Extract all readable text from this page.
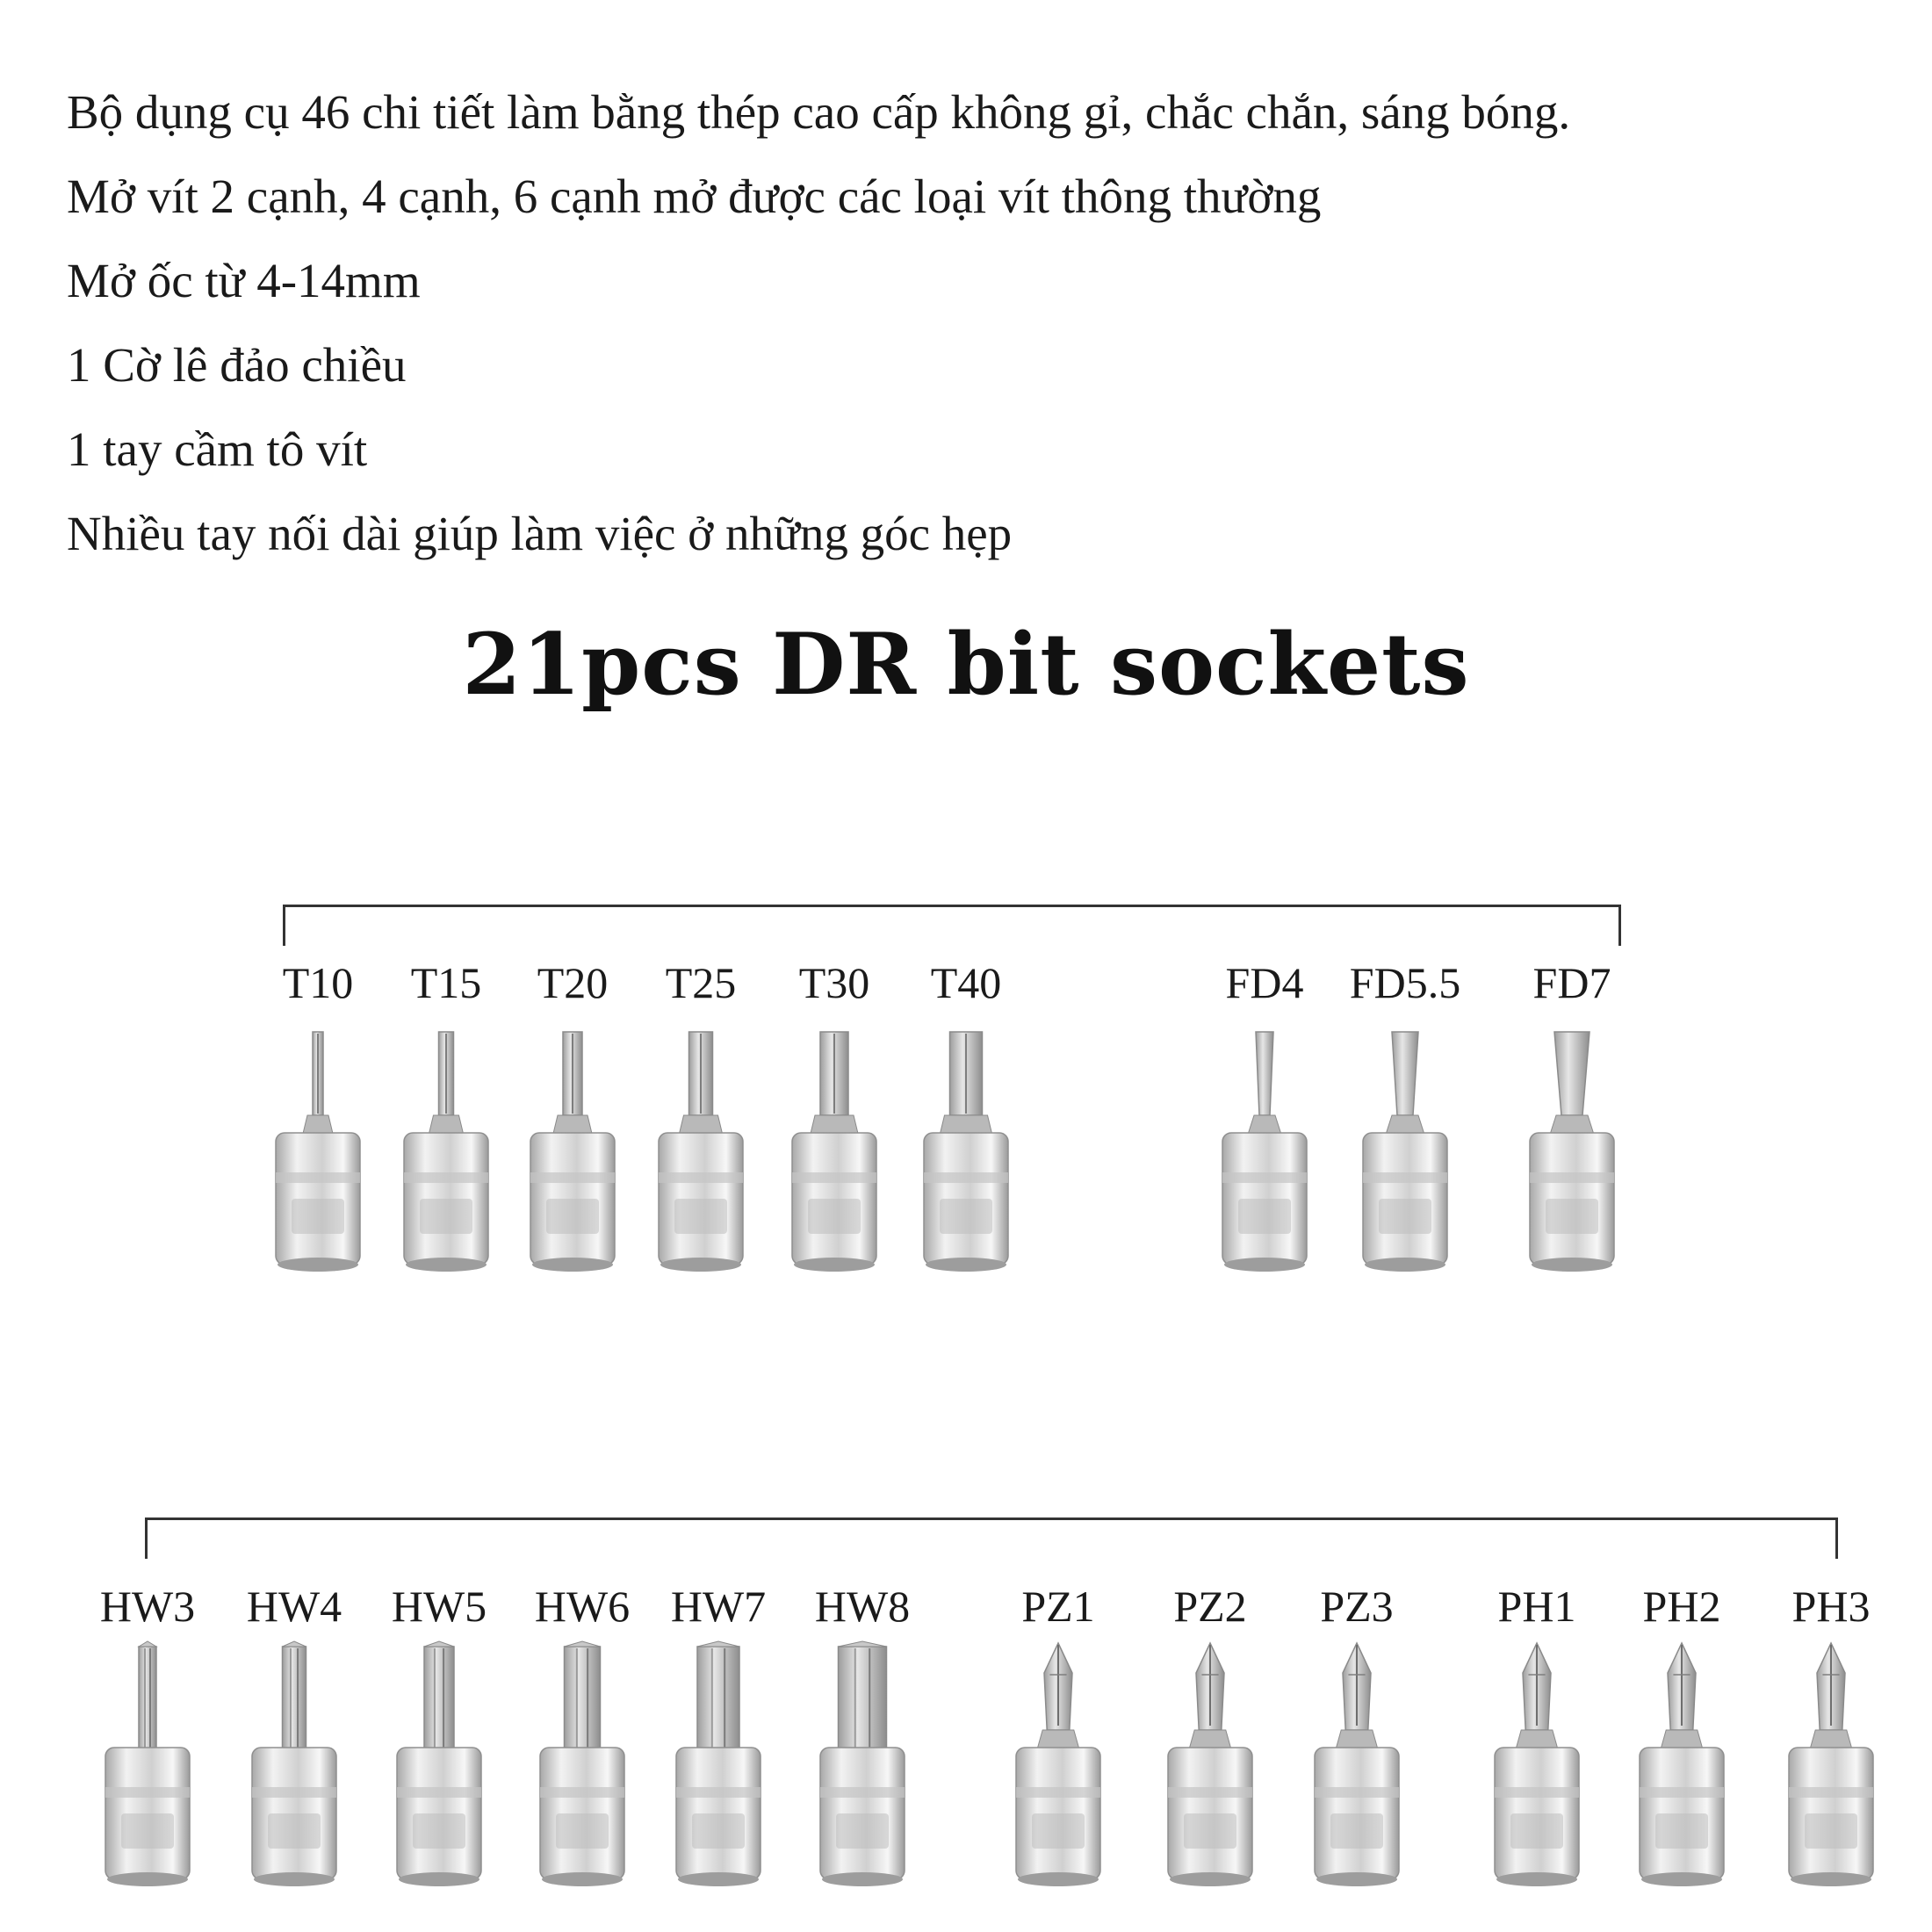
Bộ dụng cụ 46 chi tiết làm bằng thép cao cấp không gỉ, chắc chắn, sáng bóng.
Mở vít 2 cạnh, 4 cạnh, 6 cạnh mở được các loại vít thông thường
Mở ốc từ 4-14mm
1 Cờ lê đảo chiều
1 tay cầm tô vít
Nhiều tay nối dài giúp làm việc ở những góc hẹp
21pcs DR bit sockets
T10 T15 T20 T25 T30 T40	FD4 FD5.5 FD7
HW3 HW4 HW5 HW6 HW7 HW8	PZ1 PZ2 PZ3 PH1 PH2 PH3
